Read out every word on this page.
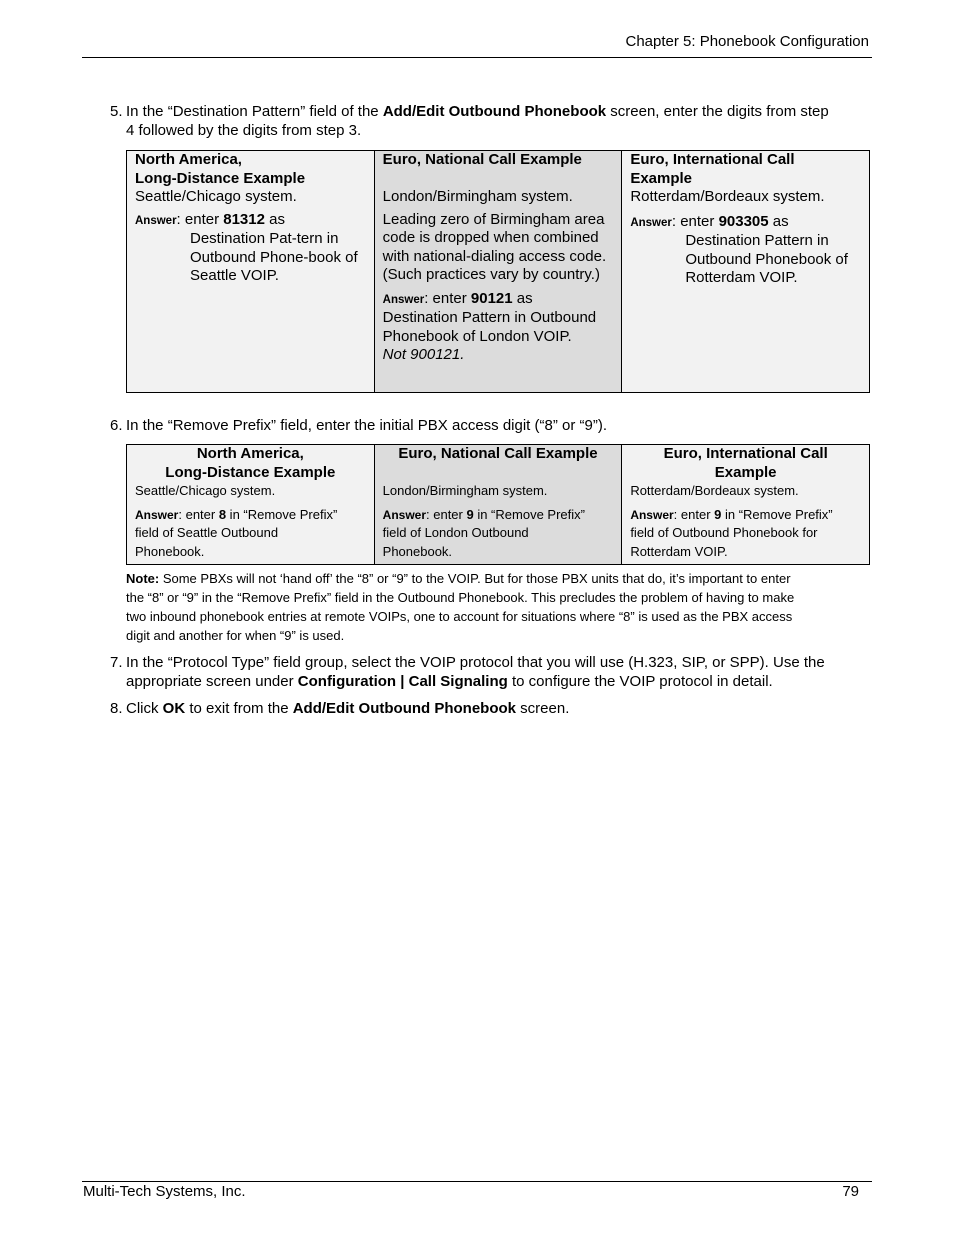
Chapter 5: Phonebook Configuration
5. In the “Destination Pattern” field of the Add/Edit Outbound Phonebook screen, enter the digits from step
4 followed by the digits from step 3.
North America,
Long-Distance Example
Seattle/Chicago system.
Answer: enter 81312 as
Destination Pat-tern in
Outbound Phone-book of
Seattle VOIP.

Euro, National Call Example
London/Birmingham system.
Leading zero of Birmingham area code is dropped when combined with national-dialing access code. (Such practices vary by country.)
Answer: enter 90121 as
Destination Pattern in Outbound Phonebook of London VOIP.
Not 900121.

Euro, International Call
Example
Rotterdam/Bordeaux system.
Answer: enter 903305 as
Destination Pattern in
Outbound Phonebook of
Rotterdam VOIP.
6. In the “Remove Prefix” field, enter the initial PBX access digit (“8” or “9”).
North America,
Long-Distance Example
Seattle/Chicago system.
Answer: enter 8 in “Remove Prefix”
field of Seattle Outbound
Phonebook.

Euro, National Call Example
London/Birmingham system.
Answer: enter 9 in “Remove Prefix”
field of London Outbound
Phonebook.

Euro, International Call
Example
Rotterdam/Bordeaux system.
Answer: enter 9 in “Remove Prefix”
field of Outbound Phonebook for
Rotterdam VOIP.
Note: Some PBXs will not ‘hand off’ the “8” or “9” to the VOIP. But for those PBX units that do, it’s important to enter
the “8” or “9” in the “Remove Prefix” field in the Outbound Phonebook. This precludes the problem of having to make
two inbound phonebook entries at remote VOIPs, one to account for situations where “8” is used as the PBX access
digit and another for when “9” is used.
7. In the “Protocol Type” field group, select the VOIP protocol that you will use (H.323, SIP, or SPP). Use the
appropriate screen under Configuration | Call Signaling to configure the VOIP protocol in detail.
8. Click OK to exit from the Add/Edit Outbound Phonebook screen.
Multi-Tech Systems, Inc.	79
